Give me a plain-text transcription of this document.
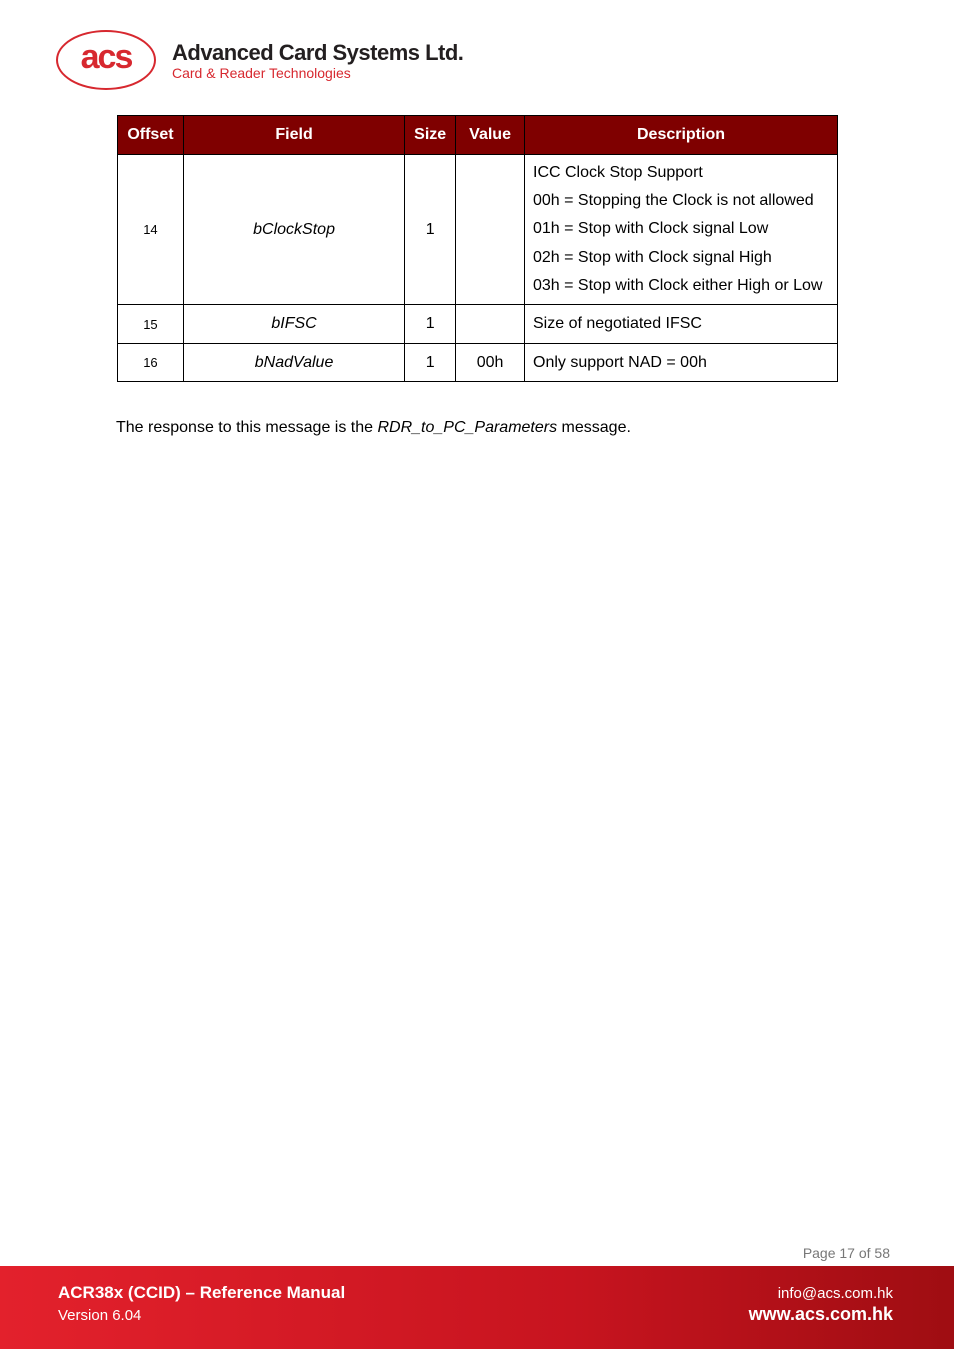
acs Advanced Card Systems Ltd.
Card & Reader Technologies
Offset	Field	Size	Value	Description
14	bClockStop	1		ICC Clock Stop Support
00h = Stopping the Clock is not allowed
01h = Stop with Clock signal Low
02h = Stop with Clock signal High
03h = Stop with Clock either High or Low

15	bIFSC	1		Size of negotiated IFSC
16	bNadValue	1	00h	Only support NAD = 00h
The response to this message is the RDR_to_PC_Parameters message.
Page 17 of 58
ACR38x (CCID) – Reference Manual
Version 6.04
info@acs.com.hk
www.acs.com.hk
